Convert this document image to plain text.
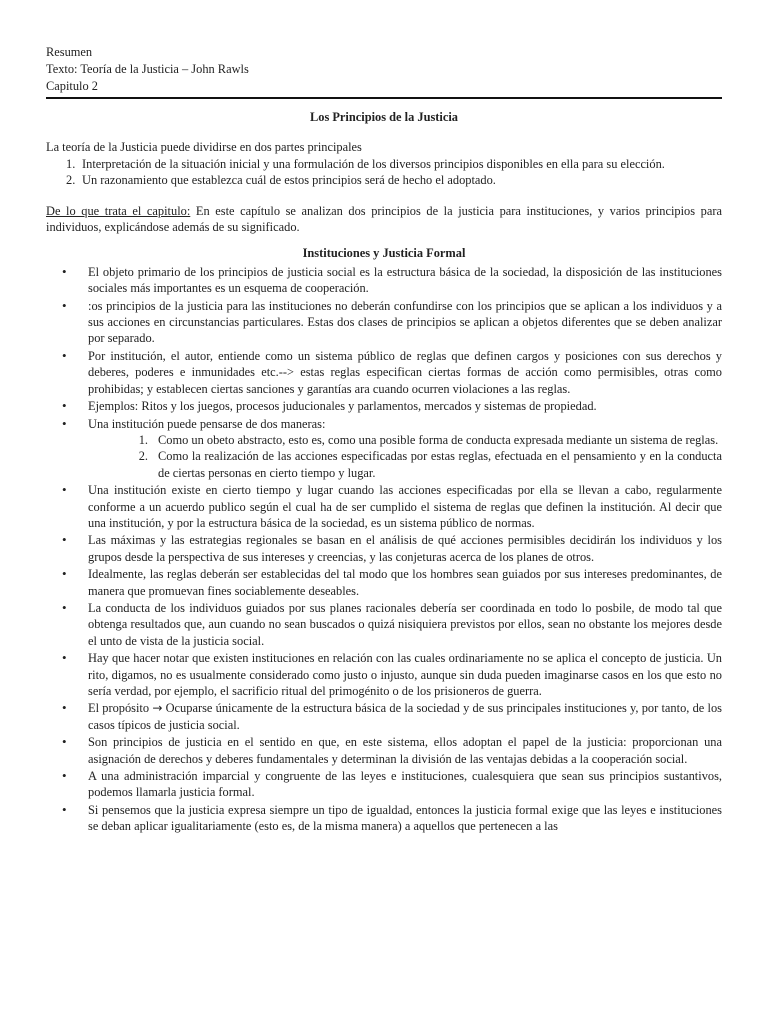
Resumen
Texto: Teoría de la Justicia – John Rawls
Capitulo 2
Los Principios de la Justicia
La teoría de la Justicia puede dividirse en dos partes principales
1. Interpretación de la situación inicial y una formulación de los diversos principios disponibles en ella para su elección.
2. Un razonamiento que establezca cuál de estos principios será de hecho el adoptado.
De lo que trata el capitulo: En este capítulo se analizan dos principios de la justicia para instituciones, y varios principios para individuos, explicándose además de su significado.
Instituciones y Justicia Formal
• El objeto primario de los principios de justicia social es la estructura básica de la sociedad, la disposición de las instituciones sociales más importantes es un esquema de cooperación.
• :os principios de la justicia para las instituciones no deberán confundirse con los principios que se aplican a los individuos y a sus acciones en circunstancias particulares. Estas dos clases de principios se aplican a objetos diferentes que se deben analizar por separado.
• Por institución, el autor, entiende como un sistema público de reglas que definen cargos y posiciones con sus derechos y deberes, poderes e inmunidades etc.--> estas reglas especifican ciertas formas de acción como permisibles, otras como prohibidas; y establecen ciertas sanciones y garantías ara cuando ocurren violaciones a las reglas.
• Ejemplos: Ritos y los juegos, procesos juducionales y parlamentos, mercados y sistemas de propiedad.
• Una institución puede pensarse de dos maneras:
1. Como un obeto abstracto, esto es, como una posible forma de conducta expresada mediante un sistema de reglas.
2. Como la realización de las acciones especificadas por estas reglas, efectuada en el pensamiento y en la conducta de ciertas personas en cierto tiempo y lugar.
• Una institución existe en cierto tiempo y lugar cuando las acciones especificadas por ella se llevan a cabo, regularmente conforme a un acuerdo publico según el cual ha de ser cumplido el sistema de reglas que definen la institución. Al decir que una institución, y por la estructura básica de la sociedad, es un sistema público de normas.
• Las máximas y las estrategias regionales se basan en el análisis de qué acciones permisibles decidirán los individuos y los grupos desde la perspectiva de sus intereses y creencias, y las conjeturas acerca de los planes de otros.
• Idealmente, las reglas deberán ser establecidas del tal modo que los hombres sean guiados por sus intereses predominantes, de manera que promuevan fines sociablemente deseables.
• La conducta de los individuos guiados por sus planes racionales debería ser coordinada en todo lo posbile, de modo tal que obtenga resultados que, aun cuando no sean buscados o quizá nisiquiera previstos por ellos, sean no obstante los mejores desde el unto de vista de la justicia social.
• Hay que hacer notar que existen instituciones en relación con las cuales ordinariamente no se aplica el concepto de justicia. Un rito, digamos, no es usualmente considerado como justo o injusto, aunque sin duda pueden imaginarse casos en los que esto no sería verdad, por ejemplo, el sacrificio ritual del primogénito o de los prisioneros de guerra.
• El propósito → Ocuparse únicamente de la estructura básica de la sociedad y de sus principales instituciones y, por tanto, de los casos típicos de justicia social.
• Son principios de justicia en el sentido en que, en este sistema, ellos adoptan el papel de la justicia: proporcionan una asignación de derechos y deberes fundamentales y determinan la división de las ventajas debidas a la cooperación social.
• A una administración imparcial y congruente de las leyes e instituciones, cualesquiera que sean sus principios sustantivos, podemos llamarla justicia formal.
• Si pensemos que la justicia expresa siempre un tipo de igualdad, entonces la justicia formal exige que las leyes e instituciones se deban aplicar igualitariamente (esto es, de la misma manera) a aquellos que pertenecen a las
